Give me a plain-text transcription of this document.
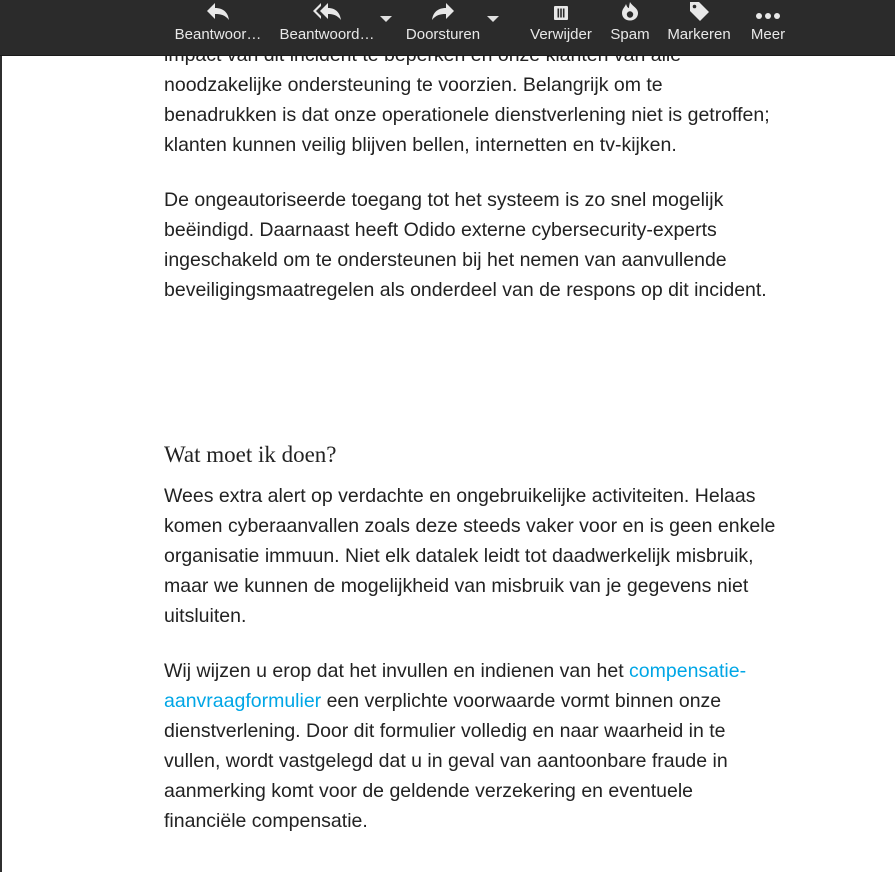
noodzakelijke ondersteuning te voorzien. Belangrijk om te benadrukken is dat onze operationele dienstverlening niet is getroffen; klanten kunnen veilig blijven bellen, internetten en tv-kijken.

De ongeautoriseerde toegang tot het systeem is zo snel mogelijk beëindigd. Daarnaast heeft Odido externe cybersecurity-experts ingeschakeld om te ondersteunen bij het nemen van aanvullende beveiligingsmaatregelen als onderdeel van de respons op dit incident.

Wat moet ik doen?

Wees extra alert op verdachte en ongebruikelijke activiteiten. Helaas komen cyberaanvallen zoals deze steeds vaker voor en is geen enkele organisatie immuun. Niet elk datalek leidt tot daadwerkelijk misbruik, maar we kunnen de mogelijkheid van misbruik van je gegevens niet uitsluiten.

Wij wijzen u erop dat het invullen en indienen van het compensatie-aanvraagformulier een verplichte voorwaarde vormt binnen onze dienstverlening. Door dit formulier volledig en naar waarheid in te vullen, wordt vastgelegd dat u in geval van aantoonbare fraude in aanmerking komt voor de geldende verzekering en eventuele financiële compensatie.

Beantwoor…	Beantwoord…	Doorsturen	Verwijder	Spam	Markeren	Meer
